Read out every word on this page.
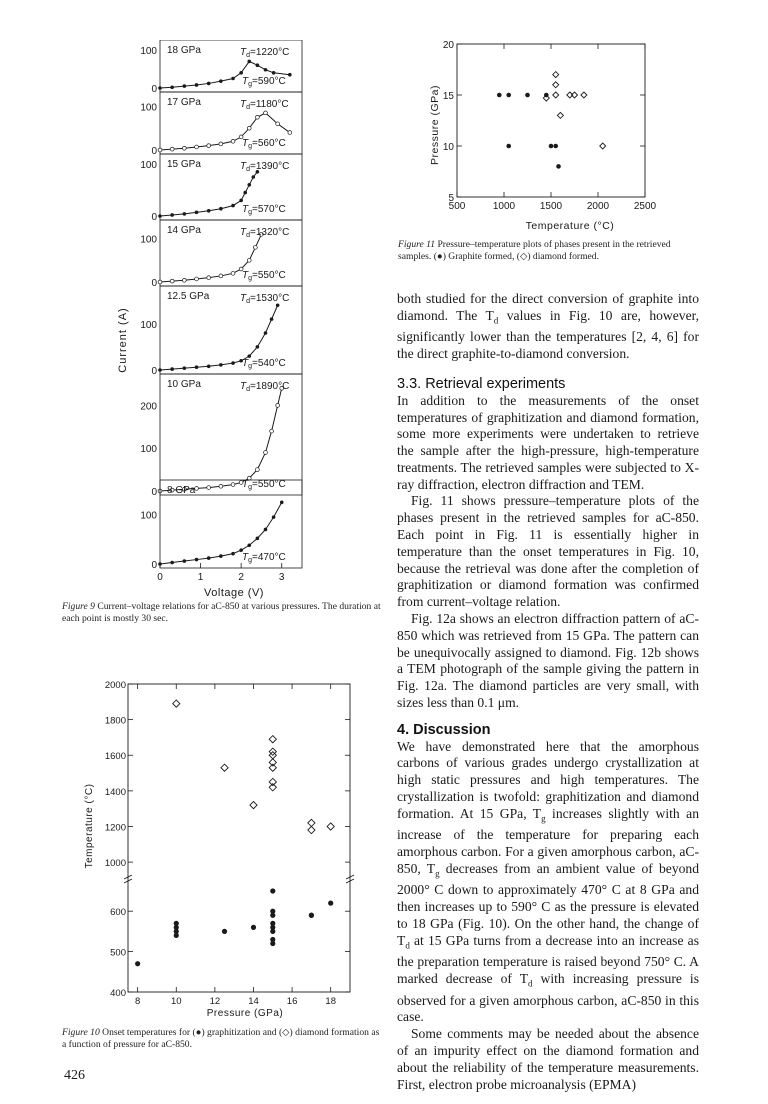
100
0
18 GPa	$T_d=1220^\circ C$
$T_g=590^\circ C$
100
0
17 GPa	$T_d=1180^\circ C$
$T_g=560^\circ C$
100
0
15 GPa	$T_d=1390^\circ C$
$T_g=570^\circ C$
100
0
14 GPa	$T_d=1320^\circ C$
$T_g=550^\circ C$
100
0
12.5 GPa	$T_d=1530^\circ C$
$T_g=540^\circ C$
200
100
0
10 GPa	$T_d=1890^\circ C$
$T_g=550^\circ C$
100
0
8 GPa
$T_g=470^\circ C$
0	1	2	3
Current (A)
Voltage (V)
Figure 9 Current–voltage relations for aC-850 at various pressures. The duration at each point is mostly 30 sec.
8	10	12	14	16	18
400
500
600
1000
1200
1400
1600
1800
2000
Pressure (GPa)
Temperature (°C)
Figure 10 Onset temperatures for (●) graphitization and (◇) diamond formation as a function of pressure for aC-850.
426
500	1000 1500 2000 2500
5
10
15
20
Temperature (°C)
Pressure (GPa)
Figure 11 Pressure–temperature plots of phases present in the retrieved samples. (●) Graphite formed, (◇) diamond formed.

both studied for the direct conversion of graphite into diamond. The $T_d$ values in Fig. 10 are, however, significantly lower than the temperatures [2, 4, 6] for the direct graphite-to-diamond conversion.

3.3. Retrieval experiments

In addition to the measurements of the onset temperatures of graphitization and diamond formation, some more experiments were undertaken to retrieve the sample after the high-pressure, high-temperature treatments. The retrieved samples were subjected to X-ray diffraction, electron diffraction and TEM.

Fig. 11 shows pressure–temperature plots of the phases present in the retrieved samples for aC-850. Each point in Fig. 11 is essentially higher in temperature than the onset temperatures in Fig. 10, because the retrieval was done after the completion of graphitization or diamond formation was confirmed from current–voltage relation.

Fig. 12a shows an electron diffraction pattern of aC-850 which was retrieved from 15 GPa. The pattern can be unequivocally assigned to diamond. Fig. 12b shows a TEM photograph of the sample giving the pattern in Fig. 12a. The diamond particles are very small, with sizes less than 0.1 μm.

4. Discussion

We have demonstrated here that the amorphous carbons of various grades undergo crystallization at high static pressures and high temperatures. The crystallization is twofold: graphitization and diamond formation. At 15 GPa, $T_g$ increases slightly with an increase of the temperature for preparing each amorphous carbon. For a given amorphous carbon, aC-850, $T_g$ decreases from an ambient value of beyond 2000° C down to approximately 470° C at 8 GPa and then increases up to 590° C as the pressure is elevated to 18 GPa (Fig. 10). On the other hand, the change of $T_d$ at 15 GPa turns from a decrease into an increase as the preparation temperature is raised beyond 750° C. A marked decrease of $T_d$ with increasing pressure is observed for a given amorphous carbon, aC-850 in this case.

Some comments may be needed about the absence of an impurity effect on the diamond formation and about the reliability of the temperature measurements. First, electron probe microanalysis (EPMA)
